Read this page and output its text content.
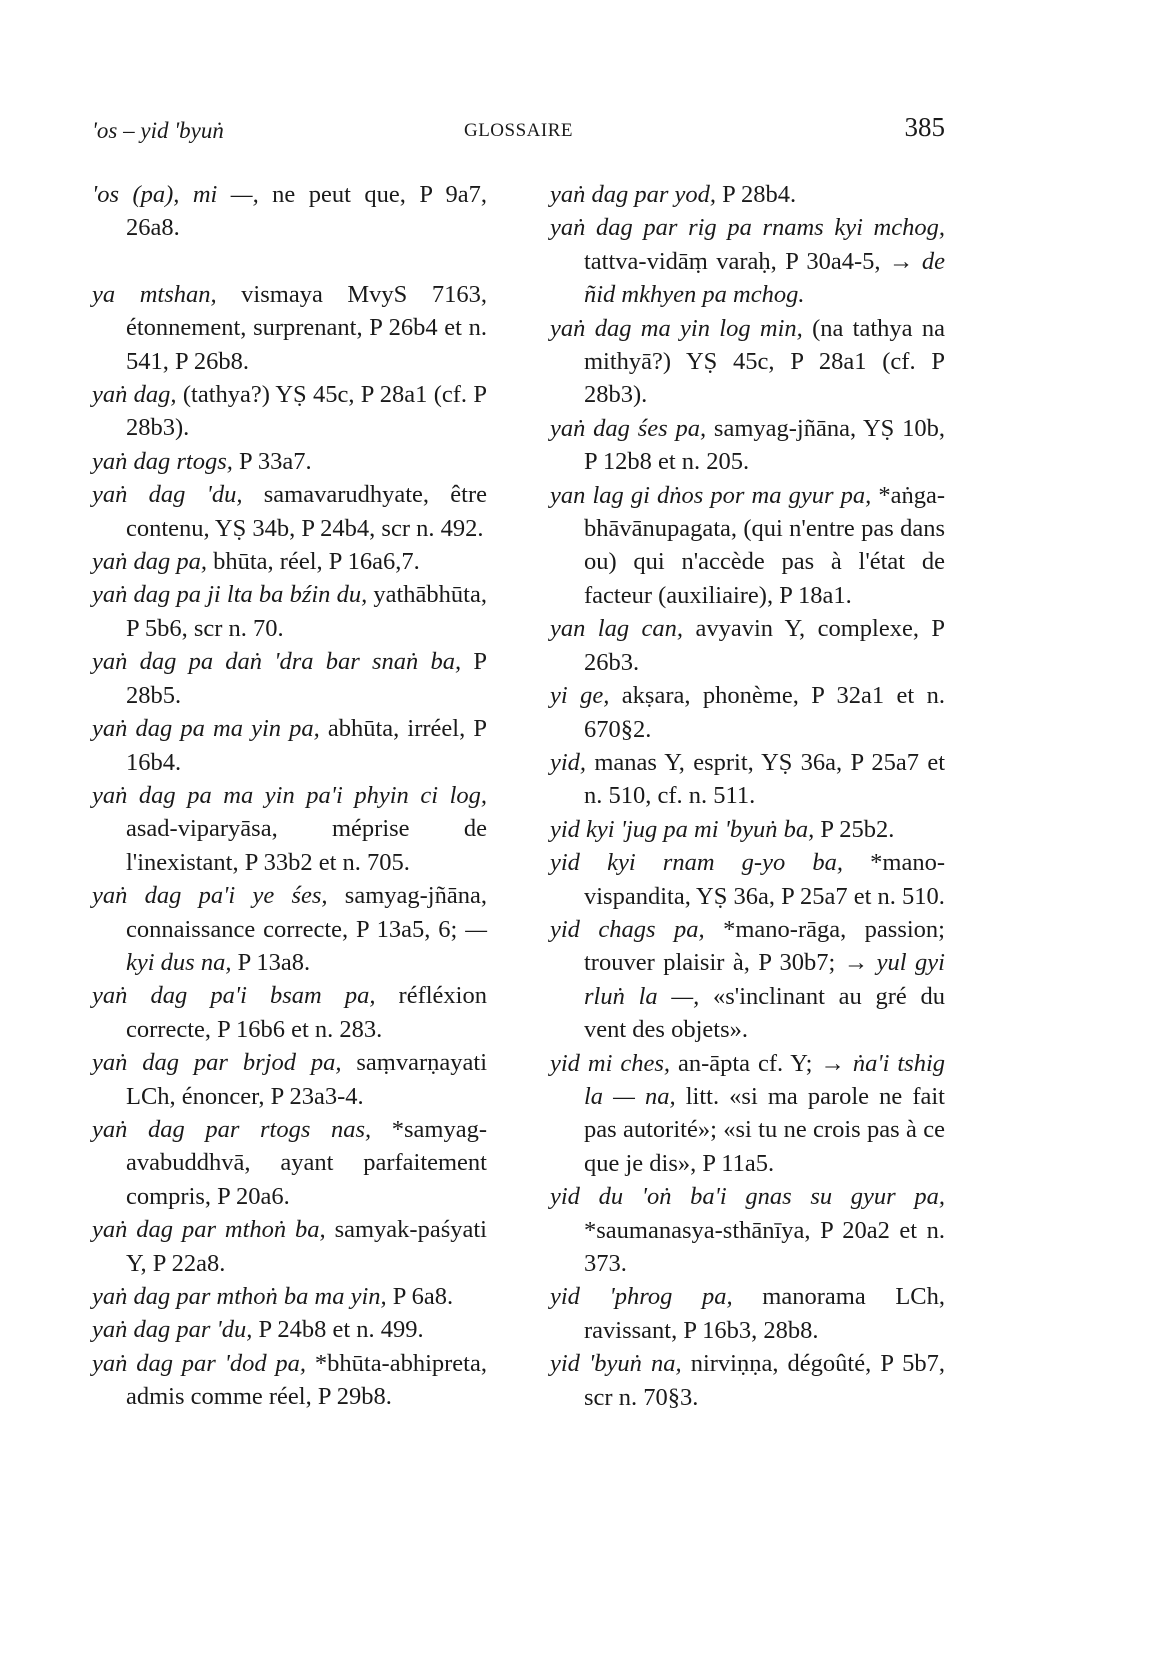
'os – yid 'byuṅ	GLOSSAIRE	385

'os (pa), mi —, ne peut que, P 9a7, 26a8.

ya mtshan, vismaya MvyS 7163, étonnement, surprenant, P 26b4 et n. 541, P 26b8.

yaṅ dag, (tathya?) YṢ 45c, P 28a1 (cf. P 28b3).

yaṅ dag rtogs, P 33a7.

yaṅ dag 'du, samavarudhyate, être contenu, YṢ 34b, P 24b4, scr n. 492.

yaṅ dag pa, bhūta, réel, P 16a6,7.

yaṅ dag pa ji lta ba bźin du, yathābhūta, P 5b6, scr n. 70.

yaṅ dag pa daṅ 'dra bar snaṅ ba, P 28b5.

yaṅ dag pa ma yin pa, abhūta, irréel, P 16b4.

yaṅ dag pa ma yin pa'i phyin ci log, asad-viparyāsa, méprise de l'inexistant, P 33b2 et n. 705.

yaṅ dag pa'i ye śes, samyag-jñāna, connaissance correcte, P 13a5, 6; — kyi dus na, P 13a8.

yaṅ dag pa'i bsam pa, réfléxion correcte, P 16b6 et n. 283.

yaṅ dag par brjod pa, saṃvarṇayati LCh, énoncer, P 23a3-4.

yaṅ dag par rtogs nas, *samyag-avabuddhvā, ayant parfaitement compris, P 20a6.

yaṅ dag par mthoṅ ba, samyak-paśyati Y, P 22a8.

yaṅ dag par mthoṅ ba ma yin, P 6a8.

yaṅ dag par 'du, P 24b8 et n. 499.

yaṅ dag par 'dod pa, *bhūta-abhipreta, admis comme réel, P 29b8.

yaṅ dag par yod, P 28b4.

yaṅ dag par rig pa rnams kyi mchog, tattva-vidāṃ varaḥ, P 30a4-5, → de ñid mkhyen pa mchog.

yaṅ dag ma yin log min, (na tathya na mithyā?) YṢ 45c, P 28a1 (cf. P 28b3).

yaṅ dag śes pa, samyag-jñāna, YṢ 10b, P 12b8 et n. 205.

yan lag gi dṅos por ma gyur pa, *aṅga-bhāvānupagata, (qui n'entre pas dans ou) qui n'accède pas à l'état de facteur (auxiliaire), P 18a1.

yan lag can, avyavin Y, complexe, P 26b3.

yi ge, akṣara, phonème, P 32a1 et n. 670§2.

yid, manas Y, esprit, YṢ 36a, P 25a7 et n. 510, cf. n. 511.

yid kyi 'jug pa mi 'byuṅ ba, P 25b2.

yid kyi rnam g-yo ba, *mano-vispandita, YṢ 36a, P 25a7 et n. 510.

yid chags pa, *mano-rāga, passion; trouver plaisir à, P 30b7; → yul gyi rluṅ la —, «s'inclinant au gré du vent des objets».

yid mi ches, an-āpta cf. Y; → ṅa'i tshig la — na, litt. «si ma parole ne fait pas autorité»; «si tu ne crois pas à ce que je dis», P 11a5.

yid du 'oṅ ba'i gnas su gyur pa, *saumanasya-sthānīya, P 20a2 et n. 373.

yid 'phrog pa, manorama LCh, ravissant, P 16b3, 28b8.

yid 'byuṅ na, nirviṇṇa, dégoûté, P 5b7, scr n. 70§3.
